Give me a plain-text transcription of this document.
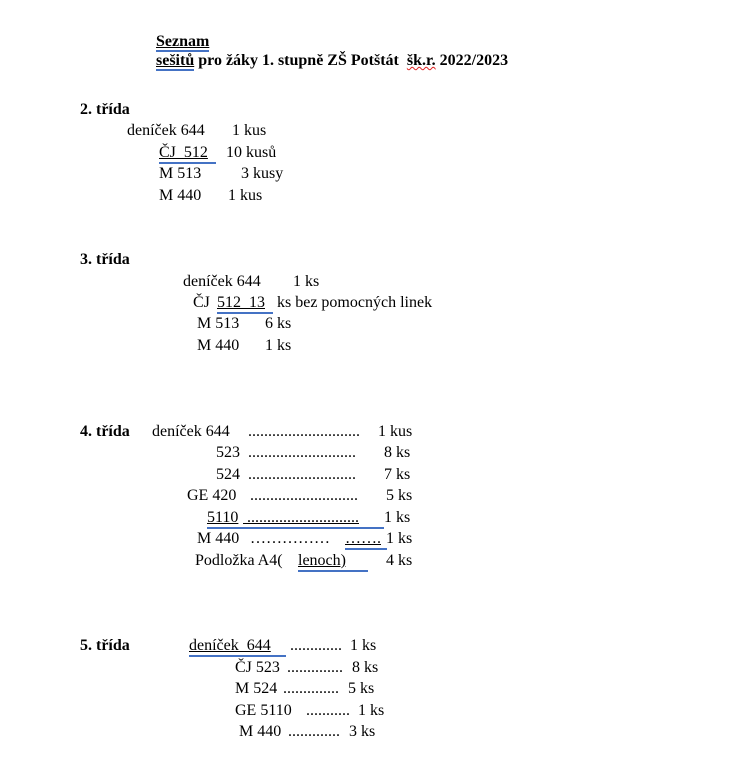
Seznam
sešitů pro žáky 1. stupně ZŠ Potštát  šk.r. 2022/2023

2. třída
deníček 644 1 kus
ČJ  512 10 kusů
M 513 3 kusy
M 440 1 kus
3. třída
deníček 644 1 ks
ČJ 512  13 ks bez pomocných linek
M 513 6 ks
M 440 1 ks
4. třída deníček 644 ............................ 1 kus
523 ........................... 8 ks
524 ........................... 7 ks
GE 420 ........................... 5 ks
5110 ............................ 1 ks
M 440 …………… ……. 1 ks
Podložka A4( lenoch)	4 ks
5. třída	deníček  644 ............. 1 ks
ČJ 523 .............. 8 ks
M 524 .............. 5 ks
GE 5110 ........... 1 ks
M 440 ............. 3 ks
